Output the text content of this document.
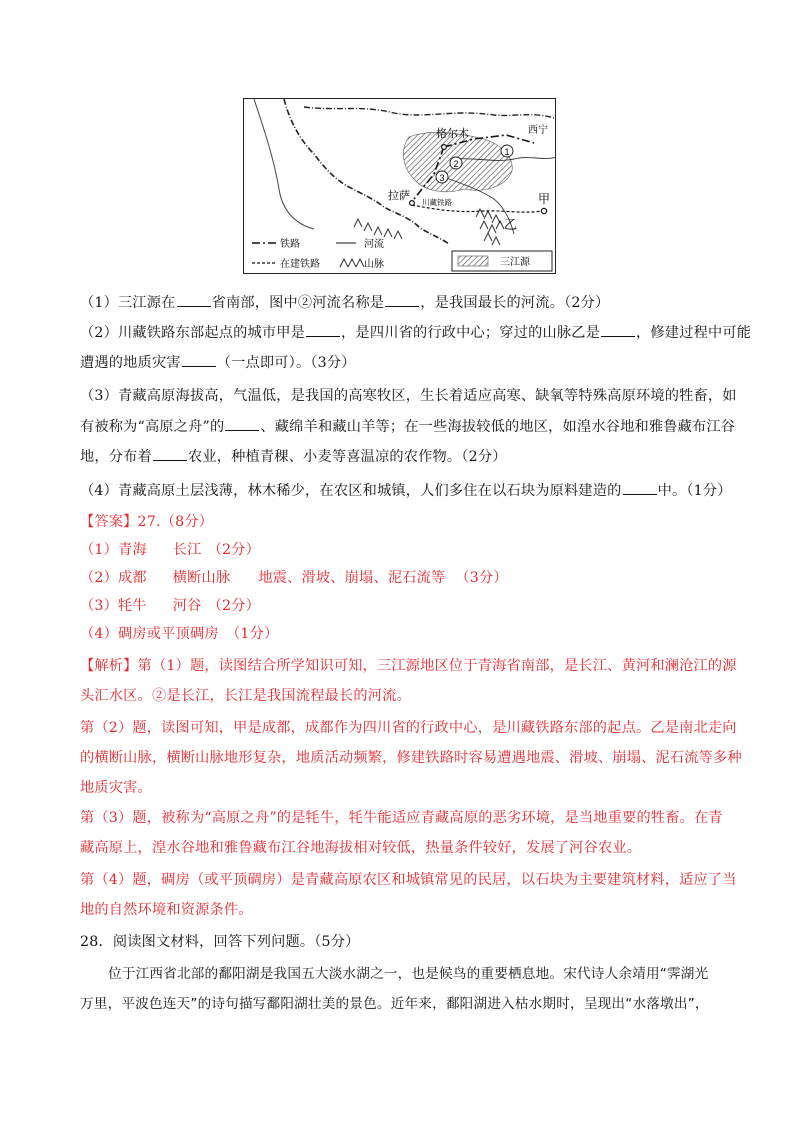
1
2
3
格尔木	西宁
拉萨
川藏铁路	甲
乙
铁路	河流
在建铁路	山脉	三江源
（1）三江源在	省南部，图中②河流名称是	，是我国最长的河流。（2分）
（2）川藏铁路东部起点的城市甲是	，是四川省的行政中心；穿过的山脉乙是	，修建过程中可能
遭遇的地质灾害	（一点即可）。（3分）
（3）青藏高原海拔高，气温低，是我国的高寒牧区，生长着适应高寒、缺氧等特殊高原环境的牲畜，如
有被称为“高原之舟”的	、藏绵羊和藏山羊等；在一些海拔较低的地区，如湟水谷地和雅鲁藏布江谷
地，分布着	农业，种植青稞、小麦等喜温凉的农作物。（2分）
（4）青藏高原土层浅薄，林木稀少，在农区和城镇，人们多住在以石块为原料建造的	中。（1分）
【答案】27.（8分）
（1）青海 长江 （2分）
（2）成都 横断山脉 地震、滑坡、崩塌、泥石流等 （3分）
（3）牦牛 河谷 （2分）
（4）碉房或平顶碉房　（1分）
【解析】第（1）题，读图结合所学知识可知，三江源地区位于青海省南部，是长江、黄河和澜沧江的源
头汇水区。②是长江，长江是我国流程最长的河流。
第（2）题，读图可知，甲是成都，成都作为四川省的行政中心，是川藏铁路东部的起点。乙是南北走向
的横断山脉，横断山脉地形复杂，地质活动频繁，修建铁路时容易遭遇地震、滑坡、崩塌、泥石流等多种
地质灾害。
第（3）题，被称为“高原之舟”的是牦牛，牦牛能适应青藏高原的恶劣环境，是当地重要的牲畜。在青
藏高原上，湟水谷地和雅鲁藏布江谷地海拔相对较低，热量条件较好，发展了河谷农业。
第（4）题，碉房（或平顶碉房）是青藏高原农区和城镇常见的民居，以石块为主要建筑材料，适应了当
地的自然环境和资源条件。
28．阅读图文材料，回答下列问题。（5分）
位于江西省北部的鄱阳湖是我国五大淡水湖之一，也是候鸟的重要栖息地。宋代诗人余靖用“霁湖光
万里，平波色连天”的诗句描写鄱阳湖壮美的景色。近年来，鄱阳湖进入枯水期时，呈现出“水落墩出”，
